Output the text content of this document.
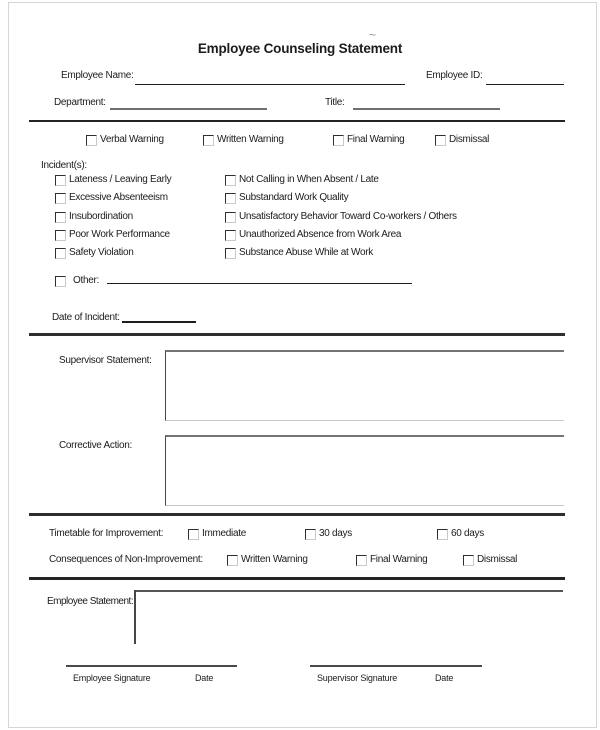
Employee Counseling Statement
~
Employee Name:	Employee ID:
Department:	Title:
Verbal Warning	Written Warning	Final Warning	Dismissal
Incident(s):
Lateness / Leaving Early
Excessive Absenteeism
Insubordination
Poor Work Performance
Safety Violation
Not Calling in When Absent / Late
Substandard Work Quality
Unsatisfactory Behavior Toward Co-workers / Others
Unauthorized Absence from Work Area
Substance Abuse While at Work
Other:
Date of Incident:
Supervisor Statement:
Corrective Action:
Timetable for Improvement:	Immediate	30 days	60 days
Consequences of Non-Improvement:	Written Warning	Final Warning	Dismissal
Employee Statement:
Employee Signature	Date	Supervisor Signature	Date
